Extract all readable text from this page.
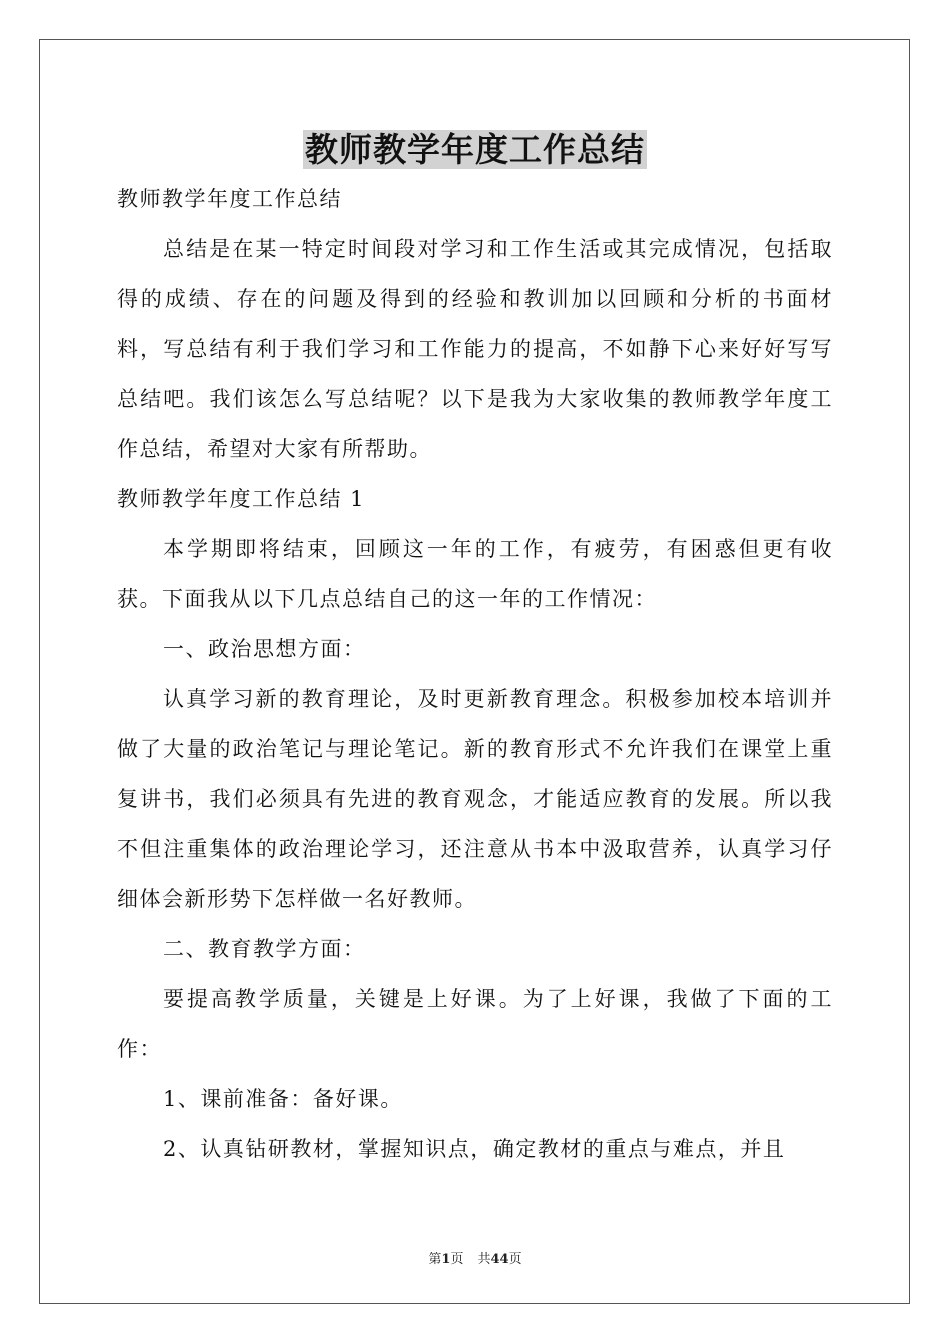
教师教学年度工作总结

教师教学年度工作总结

总结是在某一特定时间段对学习和工作生活或其完成情况，包括取得的成绩、存在的问题及得到的经验和教训加以回顾和分析的书面材料，写总结有利于我们学习和工作能力的提高，不如静下心来好好写写总结吧。我们该怎么写总结呢？以下是我为大家收集的教师教学年度工作总结，希望对大家有所帮助。

教师教学年度工作总结 1

本学期即将结束，回顾这一年的工作，有疲劳，有困惑但更有收获。下面我从以下几点总结自己的这一年的工作情况：

一、政治思想方面：

认真学习新的教育理论，及时更新教育理念。积极参加校本培训并做了大量的政治笔记与理论笔记。新的教育形式不允许我们在课堂上重复讲书，我们必须具有先进的教育观念，才能适应教育的发展。所以我不但注重集体的政治理论学习，还注意从书本中汲取营养，认真学习仔细体会新形势下怎样做一名好教师。

二、教育教学方面：

要提高教学质量，关键是上好课。为了上好课，我做了下面的工作：

1、课前准备：备好课。

2、认真钻研教材，掌握知识点，确定教材的重点与难点，并且

第1页 共44页
